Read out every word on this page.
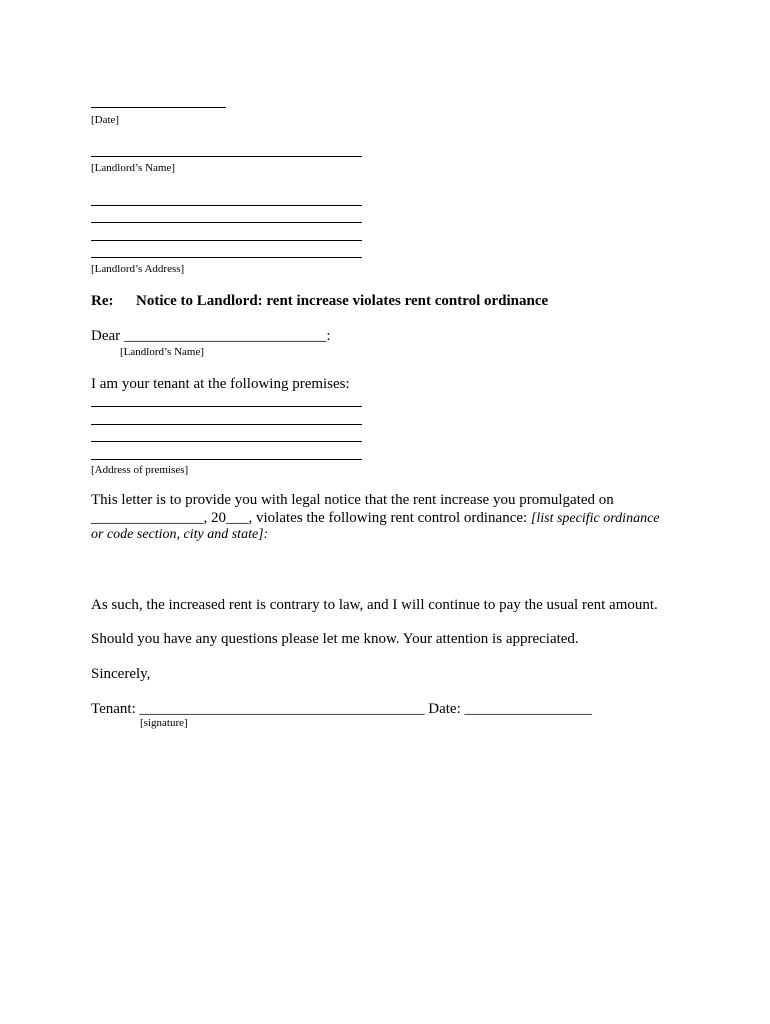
[Date]
[Landlord’s Name]
[Landlord’s Address]
Re: Notice to Landlord: rent increase violates rent control ordinance
Dear ___________________________:
[Landlord’s Name]
I am your tenant at the following premises:
[Address of premises]
This letter is to provide you with legal notice that the rent increase you promulgated on
_______________, 20___, violates the following rent control ordinance: [list specific ordinance
or code section, city and state]:
As such, the increased rent is contrary to law, and I will continue to pay the usual rent amount.
Should you have any questions please let me know. Your attention is appreciated.
Sincerely,
Tenant: ______________________________________ Date: _________________
[signature]
